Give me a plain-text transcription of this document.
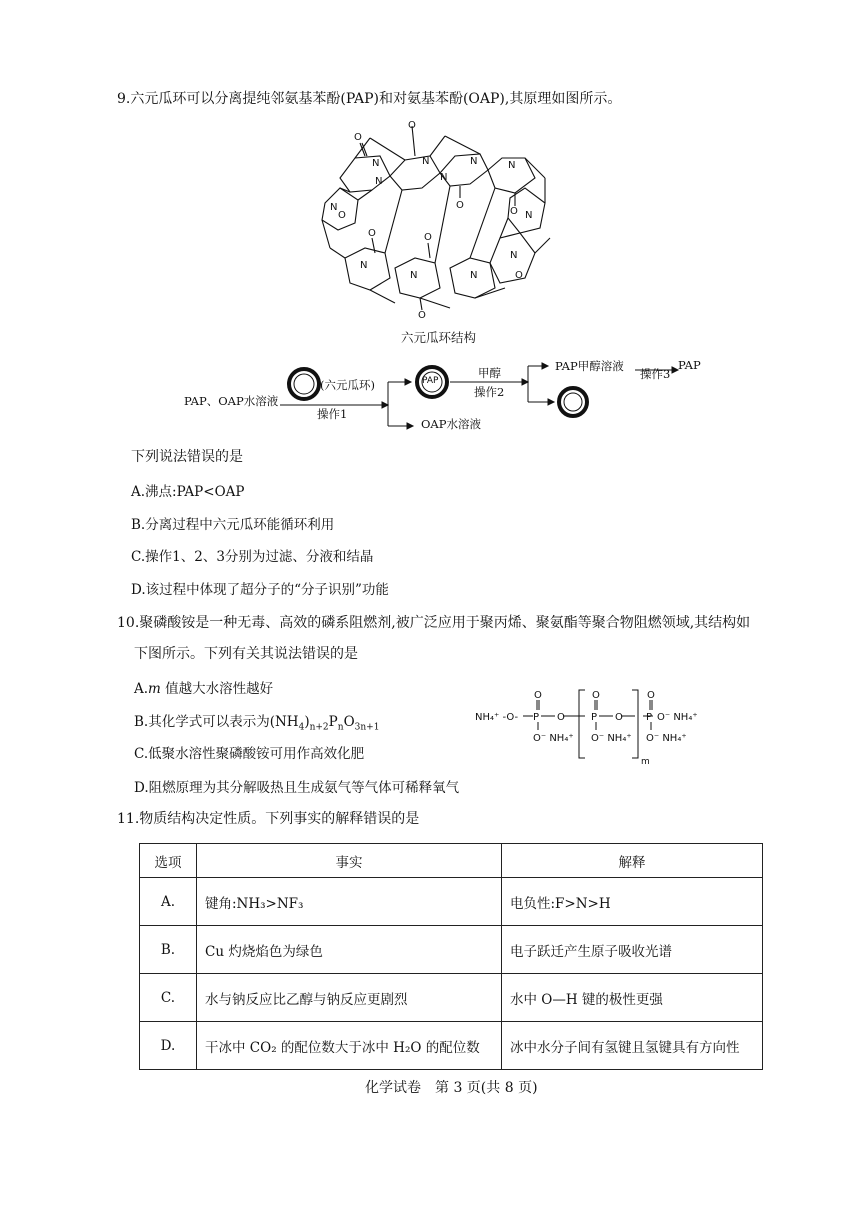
9.六元瓜环可以分离提纯邻氨基苯酚(PAP)和对氨基苯酚(OAP),其原理如图所示。
O
O
O
O
O
O
O
O
O
N	N	N	N
N
N
N
N
N
N
N	N
六元瓜环结构
PAP、OAP水溶液
(六元瓜环)
操作1
PAP
甲醇
操作2
PAP甲醇溶液
操作3
PAP
OAP水溶液
下列说法错误的是
A.沸点:PAP<OAP
B.分离过程中六元瓜环能循环利用
C.操作1、2、3分别为过滤、分液和结晶
D.该过程中体现了超分子的“分子识别”功能
10.聚磷酸铵是一种无毒、高效的磷系阻燃剂,被广泛应用于聚丙烯、聚氨酯等聚合物阻燃领域,其结构如
下图所示。下列有关其说法错误的是
A.m 值越大水溶性越好
B.其化学式可以表示为$(NH_4)_{n+2}P_nO_{3n+1}$
C.低聚水溶性聚磷酸铵可用作高效化肥
D.阻燃原理为其分解吸热且生成氨气等气体可稀释氧气
O
P O
O
P O
O
P
NH₄⁺ -O-
O⁻ NH₄⁺ O⁻ NH₄⁺ O⁻ NH₄⁺
O⁻ NH₄⁺
m
11.物质结构决定性质。下列事实的解释错误的是
选项	事实	解释
A.	键角:NH₃>NF₃	电负性:F>N>H
B.	Cu 灼烧焰色为绿色	电子跃迁产生原子吸收光谱
C.	水与钠反应比乙醇与钠反应更剧烈	水中 O—H 键的极性更强
D.	干冰中 CO₂ 的配位数大于冰中 H₂O 的配位数	冰中水分子间有氢键且氢键具有方向性
化学试卷　第 3 页(共 8 页)
